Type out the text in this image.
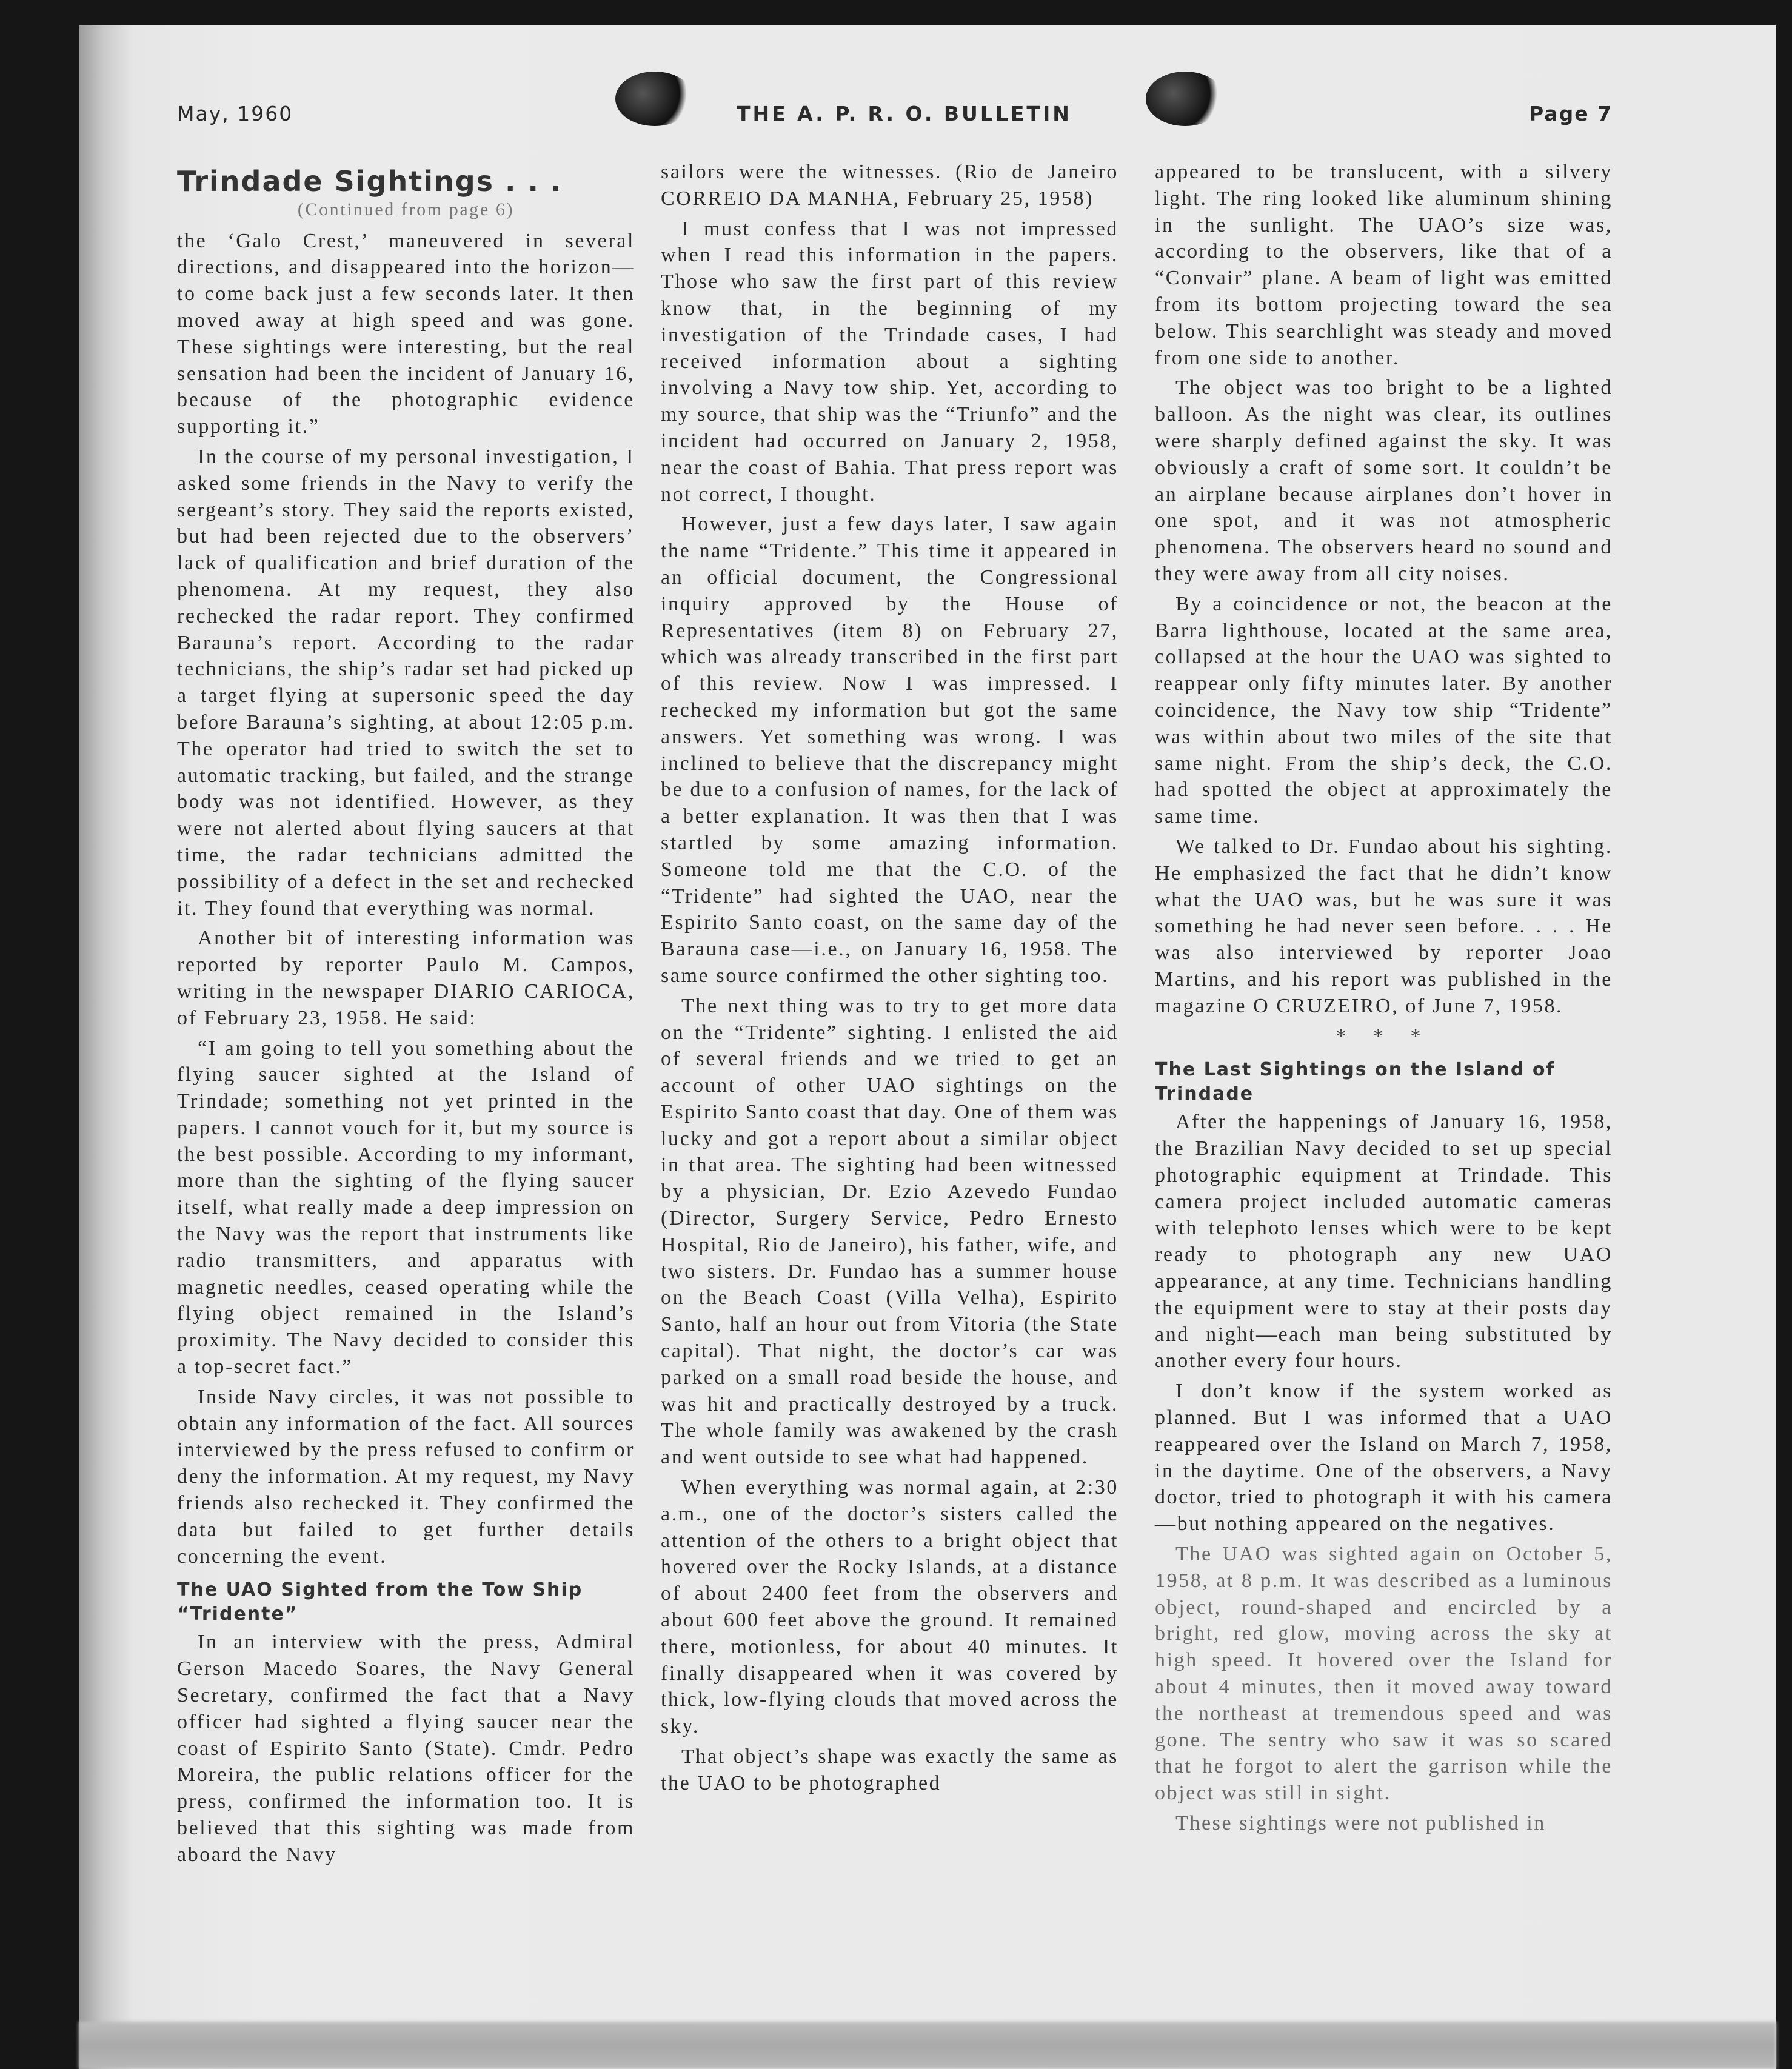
May, 1960	THE A. P. R. O. BULLETIN	Page 7
Trindade Sightings . . .
(Continued from page 6)

the ‘Galo Crest,’ maneuvered in several directions, and disappeared into the horizon—to come back just a few seconds later. It then moved away at high speed and was gone. These sightings were interesting, but the real sensation had been the incident of January 16, because of the photographic evidence supporting it.”

In the course of my personal investigation, I asked some friends in the Navy to verify the sergeant’s story. They said the reports existed, but had been rejected due to the observers’ lack of qualification and brief duration of the phenomena. At my request, they also rechecked the radar report. They confirmed Barauna’s report. According to the radar technicians, the ship’s radar set had picked up a target flying at supersonic speed the day before Barauna’s sighting, at about 12:05 p.m. The operator had tried to switch the set to automatic tracking, but failed, and the strange body was not identified. However, as they were not alerted about flying saucers at that time, the radar technicians admitted the possibility of a defect in the set and rechecked it. They found that everything was normal.

Another bit of interesting information was reported by reporter Paulo M. Campos, writing in the newspaper DIARIO CARIOCA, of February 23, 1958. He said:

“I am going to tell you something about the flying saucer sighted at the Island of Trindade; something not yet printed in the papers. I cannot vouch for it, but my source is the best possible. According to my informant, more than the sighting of the flying saucer itself, what really made a deep impression on the Navy was the report that instruments like radio transmitters, and apparatus with magnetic needles, ceased operating while the flying object remained in the Island’s proximity. The Navy decided to consider this a top-secret fact.”

Inside Navy circles, it was not possible to obtain any information of the fact. All sources interviewed by the press refused to confirm or deny the information. At my request, my Navy friends also rechecked it. They confirmed the data but failed to get further details concerning the event.

The UAO Sighted from the Tow Ship “Tridente”

In an interview with the press, Admiral Gerson Macedo Soares, the Navy General Secretary, confirmed the fact that a Navy officer had sighted a flying saucer near the coast of Espirito Santo (State). Cmdr. Pedro Moreira, the public relations officer for the press, confirmed the information too. It is believed that this sighting was made from aboard the Navy

sailors were the witnesses. (Rio de Janeiro CORREIO DA MANHA, February 25, 1958)

I must confess that I was not impressed when I read this information in the papers. Those who saw the first part of this review know that, in the beginning of my investigation of the Trindade cases, I had received information about a sighting involving a Navy tow ship. Yet, according to my source, that ship was the “Triunfo” and the incident had occurred on January 2, 1958, near the coast of Bahia. That press report was not correct, I thought.

However, just a few days later, I saw again the name “Tridente.” This time it appeared in an official document, the Congressional inquiry approved by the House of Representatives (item 8) on February 27, which was already transcribed in the first part of this review. Now I was impressed. I rechecked my information but got the same answers. Yet something was wrong. I was inclined to believe that the discrepancy might be due to a confusion of names, for the lack of a better explanation. It was then that I was startled by some amazing information. Someone told me that the C.O. of the “Tridente” had sighted the UAO, near the Espirito Santo coast, on the same day of the Barauna case—i.e., on January 16, 1958. The same source confirmed the other sighting too.

The next thing was to try to get more data on the “Tridente” sighting. I enlisted the aid of several friends and we tried to get an account of other UAO sightings on the Espirito Santo coast that day. One of them was lucky and got a report about a similar object in that area. The sighting had been witnessed by a physician, Dr. Ezio Azevedo Fundao (Director, Surgery Service, Pedro Ernesto Hospital, Rio de Janeiro), his father, wife, and two sisters. Dr. Fundao has a summer house on the Beach Coast (Villa Velha), Espirito Santo, half an hour out from Vitoria (the State capital). That night, the doctor’s car was parked on a small road beside the house, and was hit and practically destroyed by a truck. The whole family was awakened by the crash and went outside to see what had happened.

When everything was normal again, at 2:30 a.m., one of the doctor’s sisters called the attention of the others to a bright object that hovered over the Rocky Islands, at a distance of about 2400 feet from the observers and about 600 feet above the ground. It remained there, motionless, for about 40 minutes. It finally disappeared when it was covered by thick, low-flying clouds that moved across the sky.

That object’s shape was exactly the same as the UAO to be photographed

appeared to be translucent, with a silvery light. The ring looked like aluminum shining in the sunlight. The UAO’s size was, according to the observers, like that of a “Convair” plane. A beam of light was emitted from its bottom projecting toward the sea below. This searchlight was steady and moved from one side to another.

The object was too bright to be a lighted balloon. As the night was clear, its outlines were sharply defined against the sky. It was obviously a craft of some sort. It couldn’t be an airplane because airplanes don’t hover in one spot, and it was not atmospheric phenomena. The observers heard no sound and they were away from all city noises.

By a coincidence or not, the beacon at the Barra lighthouse, located at the same area, collapsed at the hour the UAO was sighted to reappear only fifty minutes later. By another coincidence, the Navy tow ship “Tridente” was within about two miles of the site that same night. From the ship’s deck, the C.O. had spotted the object at approximately the same time.

We talked to Dr. Fundao about his sighting. He emphasized the fact that he didn’t know what the UAO was, but he was sure it was something he had never seen before. . . . He was also interviewed by reporter Joao Martins, and his report was published in the magazine O CRUZEIRO, of June 7, 1958.

* * *
The Last Sightings on the Island of Trindade

After the happenings of January 16, 1958, the Brazilian Navy decided to set up special photographic equipment at Trindade. This camera project included automatic cameras with telephoto lenses which were to be kept ready to photograph any new UAO appearance, at any time. Technicians handling the equipment were to stay at their posts day and night—each man being substituted by another every four hours.

I don’t know if the system worked as planned. But I was informed that a UAO reappeared over the Island on March 7, 1958, in the daytime. One of the observers, a Navy doctor, tried to photograph it with his camera—but nothing appeared on the negatives.

The UAO was sighted again on October 5, 1958, at 8 p.m. It was described as a luminous object, round-shaped and encircled by a bright, red glow, moving across the sky at high speed. It hovered over the Island for about 4 minutes, then it moved away toward the northeast at tremendous speed and was gone. The sentry who saw it was so scared that he forgot to alert the garrison while the object was still in sight.

These sightings were not published in
